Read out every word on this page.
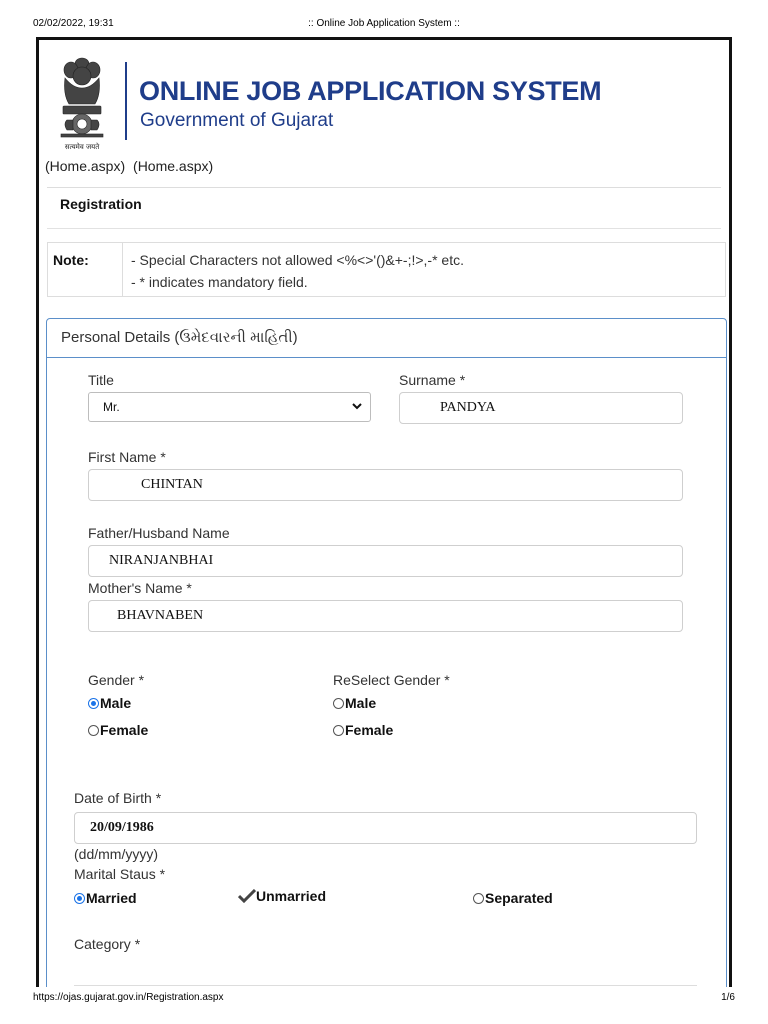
02/02/2022, 19:31	:: Online Job Application System ::
सत्यमेव जयते
ONLINE JOB APPLICATION SYSTEM
Government of Gujarat
(Home.aspx) (Home.aspx)
Registration
Note:	- Special Characters not allowed <%<>'()&+-;!>,-* etc.
- * indicates mandatory field.
Personal Details (ઉમેદવારની માહિતી)
Title
Mr.
Surname *
PANDYA
First Name *
CHINTAN
Father/Husband Name
NIRANJANBHAI
Mother's Name *
BHAVNABEN
Gender *
Male
Female
ReSelect Gender *
Male
Female
Date of Birth *
20/09/1986
(dd/mm/yyyy)
Marital Staus *
Married	Unmarried	Separated
Category *
https://ojas.gujarat.gov.in/Registration.aspx	1/6
